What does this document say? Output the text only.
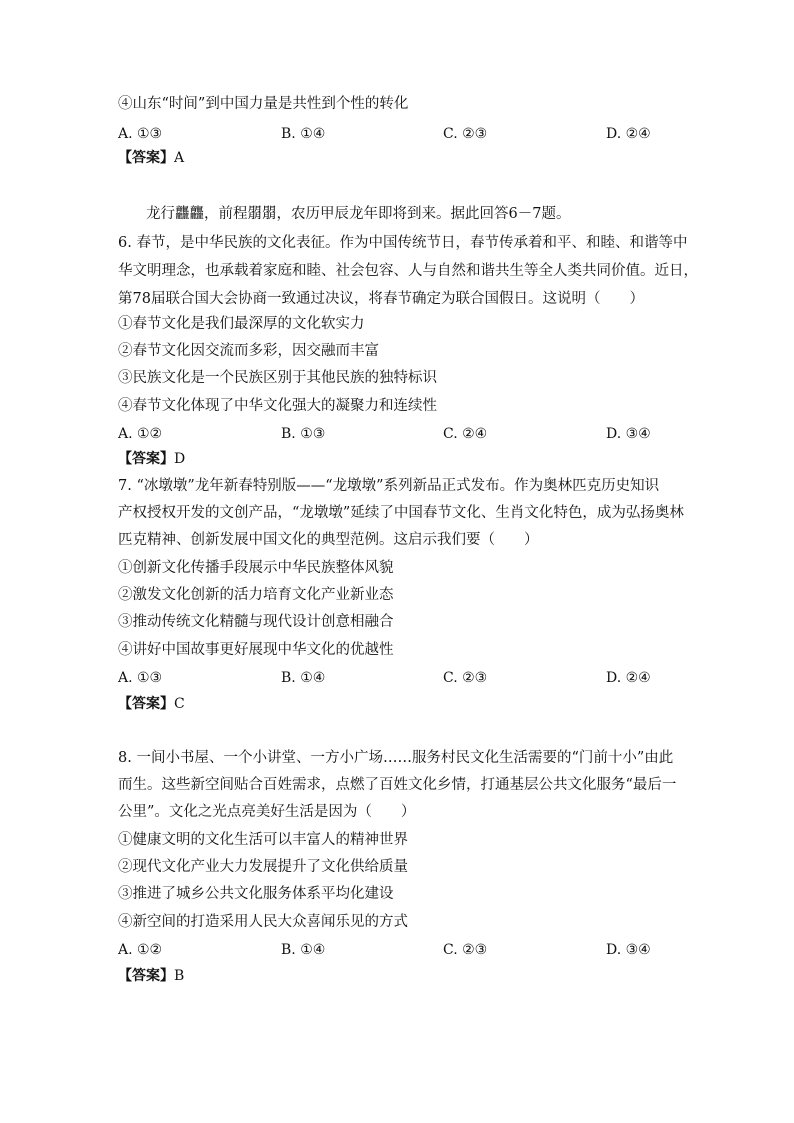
④山东“时间”到中国力量是共性到个性的转化
A. ①③	B. ①④	C. ②③	D. ②④
【答案】A
龙行龘龘，前程朤朤，农历甲辰龙年即将到来。据此回答6－7题。
6. 春节，是中华民族的文化表征。作为中国传统节日，春节传承着和平、和睦、和谐等中
华文明理念，也承载着家庭和睦、社会包容、人与自然和谐共生等全人类共同价值。近日，
第78届联合国大会协商一致通过决议，将春节确定为联合国假日。这说明（　　）
①春节文化是我们最深厚的文化软实力
②春节文化因交流而多彩，因交融而丰富
③民族文化是一个民族区别于其他民族的独特标识
④春节文化体现了中华文化强大的凝聚力和连续性
A. ①②	B. ①③	C. ②④	D. ③④
【答案】D
7. “冰墩墩”龙年新春特别版——“龙墩墩”系列新品正式发布。作为奥林匹克历史知识
产权授权开发的文创产品，“龙墩墩”延续了中国春节文化、生肖文化特色，成为弘扬奥林
匹克精神、创新发展中国文化的典型范例。这启示我们要（　　）
①创新文化传播手段展示中华民族整体风貌
②激发文化创新的活力培育文化产业新业态
③推动传统文化精髓与现代设计创意相融合
④讲好中国故事更好展现中华文化的优越性
A. ①③	B. ①④	C. ②③	D. ②④
【答案】C
8. 一间小书屋、一个小讲堂、一方小广场……服务村民文化生活需要的“门前十小”由此
而生。这些新空间贴合百姓需求，点燃了百姓文化乡情，打通基层公共文化服务“最后一
公里”。文化之光点亮美好生活是因为（　　）
①健康文明的文化生活可以丰富人的精神世界
②现代文化产业大力发展提升了文化供给质量
③推进了城乡公共文化服务体系平均化建设
④新空间的打造采用人民大众喜闻乐见的方式
A. ①②	B. ①④	C. ②③	D. ③④
【答案】B
